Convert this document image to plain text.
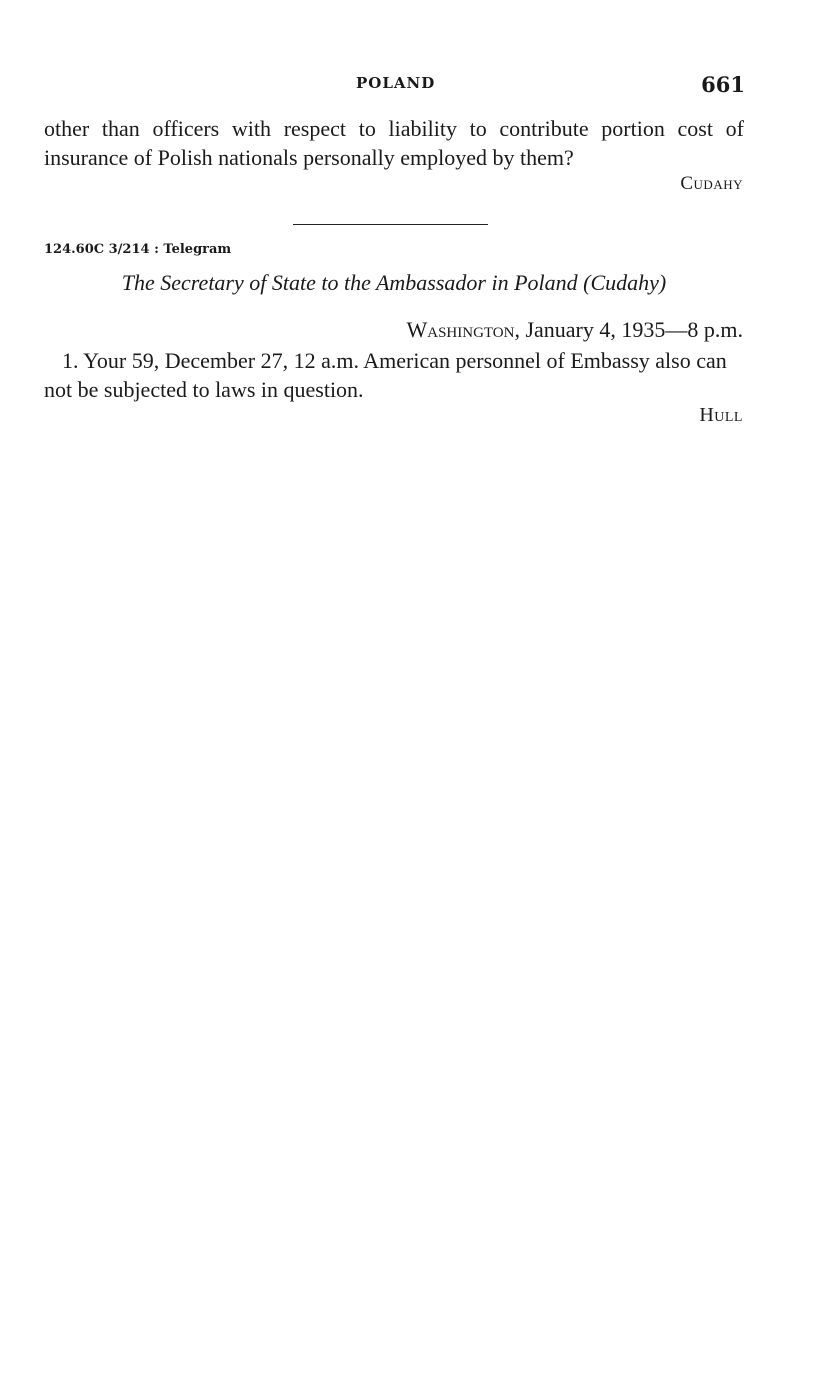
POLAND	661
other than officers with respect to liability to contribute portion cost of insurance of Polish nationals personally employed by them?
Cudahy
124.60C 3/214 : Telegram
The Secretary of State to the Ambassador in Poland (Cudahy)
Washington, January 4, 1935—8 p.m.
1. Your 59, December 27, 12 a.m. American personnel of Embassy also can not be subjected to laws in question.
Hull
